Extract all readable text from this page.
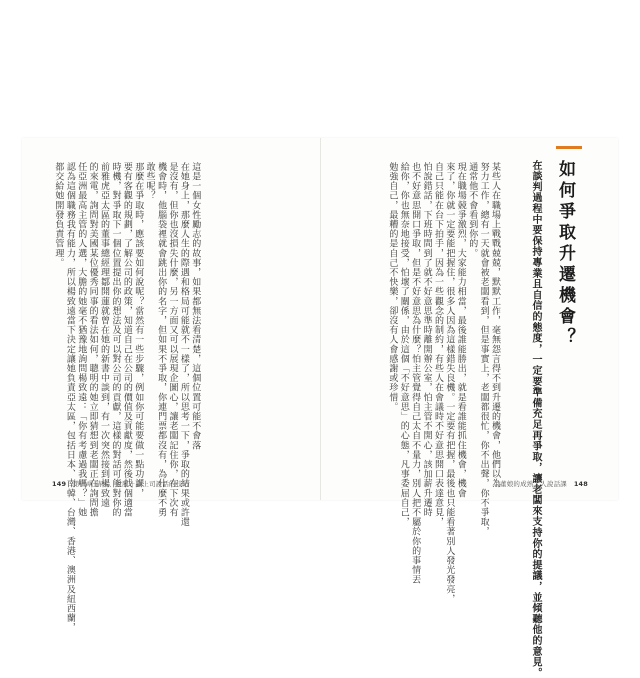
如何爭取升遷機會？
在談判過程中要保持專業且自信的態度，一定要準備充足再爭取，讓老闆來支持你的提議，並傾聽他的意見。
某些人在職場上戰戰兢兢，默默工作，毫無怨言得不到升遷的機會，他們以為
努力工作，總有一天就會被老闆看到，但是事實上，老闆都很忙，你不出聲，你不爭取，
通常他不會看到你的。
現在職場競爭激烈，大家能力相當，最後誰能勝出，就是看誰能抓住機會，機會
來了，你就一定要能把握住，很多人因為這樣錯失良機。一定要有把握，最後也只能看著別人發光發亮，
自己只能在台下拍手，因為一些觀念的制約，有些人在會議時不好意思開口表達意見，
怕說錯話，下班時間到了就不好意思準時離開辦公室，怕主管不開心，該加薪升遷時
也不好意思開口爭取，但是不好意思為什麼？怕主管覺得自己太自不量力，別人把不屬於你的事情丟
給你，你也無奈地接受，怕壞了關係，由於這個「不好意思」的心態，凡事委屈自己，
勉強自己，最糟的是自己不快樂，卻沒有人會感謝或珍惜。
這是一個女性勵志的故事，如果都無法看清楚，這個位置可能不會落
在她身上，那麼人生的際遇和格局可能就不一樣了，所以思考一下，爭取的結果或許還
是沒有，但你也沒損失什麼，另一方面又可以展現企圖心，讓老闆記住你，在下次有
機會時，他腦袋裡就會跳出你的名字，但如果不爭取，你連門票都沒有，為什麼不勇
敢些呢？
那麼在爭取時，應該要如何說呢？當然有一些步驟，例如你可能要做一點功課，
要有客觀的規劃，了解公司的政策，知道自己在公司的價值及貢獻度，然後找個適當
時機，對爭取下一個位置提出你的想法及可以對公司的貢獻，這樣的對話可能對你的
前雅虎亞太區的董事總經理鄒開蓮就曾在她的新書中談到，有一次突然接到楊致遠
的來電，詢問對美國某位優秀同事的看法如何，聰明的她立即猜想到老闆正在詢問擔
任亞洲最高主管的人選，大膽的她毫不猶豫地詢問楊致遠：「你有考慮過我嗎？」她
認為這個職務我有能力，所以楊致遠當下決定讓她負責亞太區，包括日本、南韓、台灣、香港、澳洲及紐西蘭，
都交給她開發負責管理。
149 第四章 請求、說服＋贏上司說話的技巧	丁董娘的成熟大人說話課 148
